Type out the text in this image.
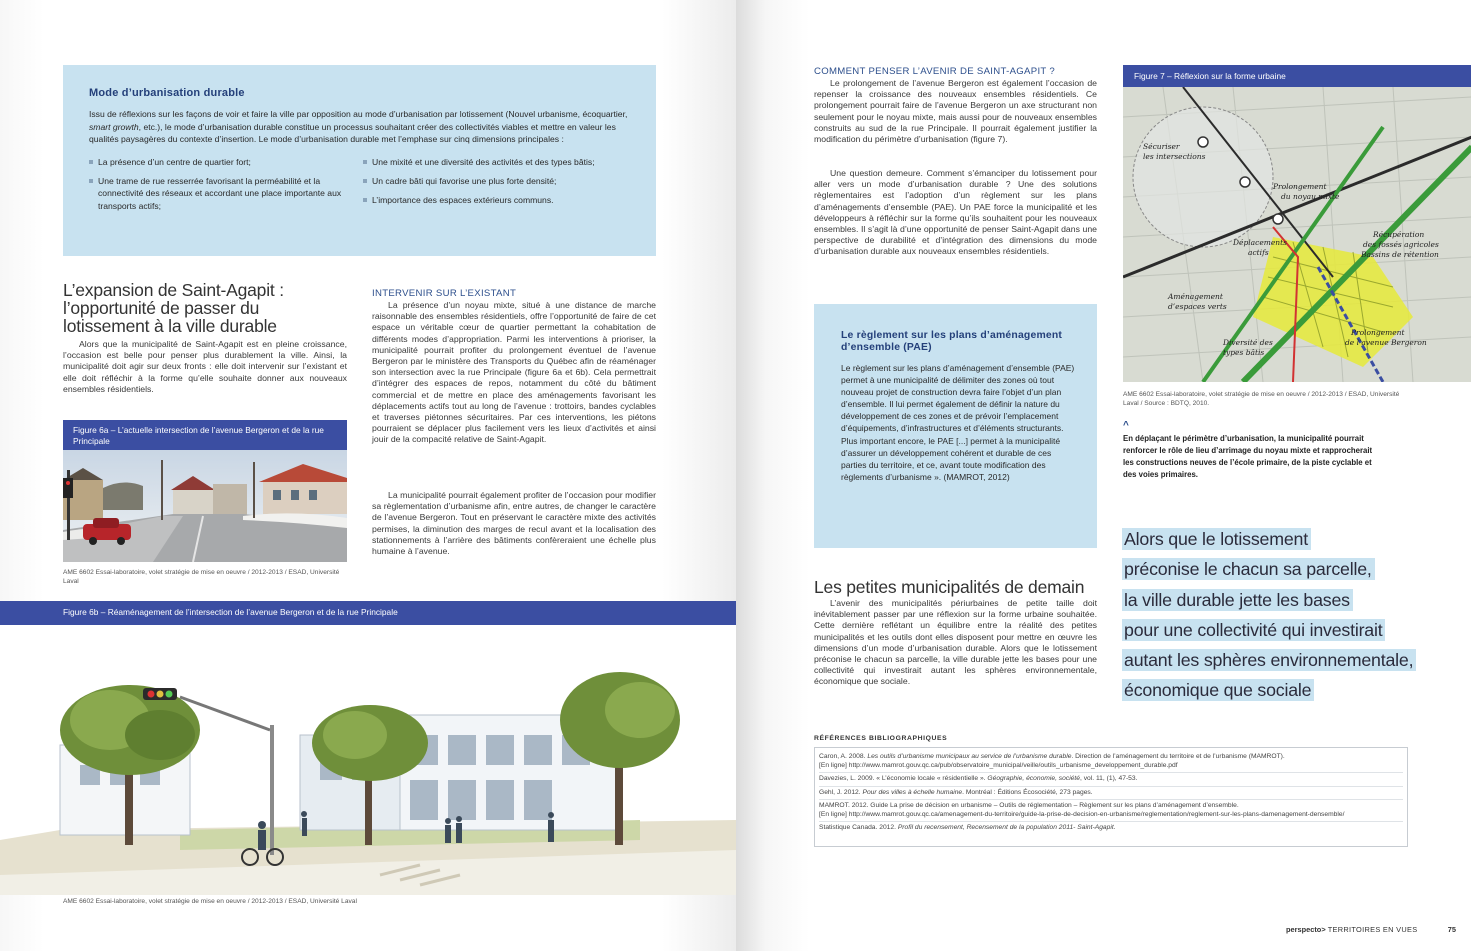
Mode d’urbanisation durable
Issu de réflexions sur les façons de voir et faire la ville par opposition au mode d’urbanisation par lotissement (Nouvel urbanisme, écoquartier, smart growth, etc.), le mode d’urbanisation durable constitue un processus souhaitant créer des collectivités viables et mettre en valeur les qualités paysagères du contexte d’insertion. Le mode d’urbanisation durable met l’emphase sur cinq dimensions principales :
La présence d’un centre de quartier fort;
Une trame de rue resserrée favorisant la perméabilité et la connectivité des réseaux et accordant une place importante aux transports actifs;
Une mixité et une diversité des activités et des types bâtis;
Un cadre bâti qui favorise une plus forte densité;
L’importance des espaces extérieurs communs.
L’expansion de Saint-Agapit : l’opportunité de passer du lotissement à la ville durable
Alors que la municipalité de Saint-Agapit est en pleine croissance, l’occasion est belle pour penser plus durablement la ville. Ainsi, la municipalité doit agir sur deux fronts : elle doit intervenir sur l’existant et elle doit réfléchir à la forme qu’elle souhaite donner aux nouveaux ensembles résidentiels.
Figure 6a – L’actuelle intersection de l’avenue Bergeron et de la rue Principale
AME 6602 Essai-laboratoire, volet stratégie de mise en oeuvre / 2012-2013 / ESAD, Université Laval
INTERVENIR SUR L’EXISTANT
La présence d’un noyau mixte, situé à une distance de marche raisonnable des ensembles résidentiels, offre l’opportunité de faire de cet espace un véritable cœur de quartier permettant la cohabitation de différents modes d’appropriation. Parmi les interventions à prioriser, la municipalité pourrait profiter du prolongement éventuel de l’avenue Bergeron par le ministère des Transports du Québec afin de réaménager son intersection avec la rue Principale (figure 6a et 6b). Cela permettrait d’intégrer des espaces de repos, notamment du côté du bâtiment commercial et de mettre en place des aménagements favorisant les déplacements actifs tout au long de l’avenue : trottoirs, bandes cyclables et traverses piétonnes sécuritaires. Par ces interventions, les piétons pourraient se déplacer plus facilement vers les lieux d’activités et ainsi jouir de la compacité relative de Saint-Agapit.
La municipalité pourrait également profiter de l’occasion pour modifier sa règlementation d’urbanisme afin, entre autres, de changer le caractère de l’avenue Bergeron. Tout en préservant le caractère mixte des activités permises, la diminution des marges de recul avant et la localisation des stationnements à l’arrière des bâtiments confèreraient une échelle plus humaine à l’avenue.
Figure 6b – Réaménagement de l’intersection de l’avenue Bergeron et de la rue Principale
AME 6602 Essai-laboratoire, volet stratégie de mise en oeuvre / 2012-2013 / ESAD, Université Laval
COMMENT PENSER L’AVENIR DE SAINT-AGAPIT ?
Le prolongement de l’avenue Bergeron est également l’occasion de repenser la croissance des nouveaux ensembles résidentiels. Ce prolongement pourrait faire de l’avenue Bergeron un axe structurant non seulement pour le noyau mixte, mais aussi pour de nouveaux ensembles construits au sud de la rue Principale. Il pourrait également justifier la modification du périmètre d’urbanisation (figure 7).
Une question demeure. Comment s’émanciper du lotissement pour aller vers un mode d’urbanisation durable ? Une des solutions règlementaires est l’adoption d’un règlement sur les plans d’aménagements d’ensemble (PAE). Un PAE force la municipalité et les développeurs à réfléchir sur la forme qu’ils souhaitent pour les nouveaux ensembles. Il s’agit là d’une opportunité de penser Saint-Agapit dans une perspective de durabilité et d’intégration des dimensions du mode d’urbanisation durable aux nouveaux ensembles résidentiels.
Figure 7 – Réflexion sur la forme urbaine
Sécuriser
les intersections
Prolongement
du noyau mixte
Déplacements
actifs
Récupération
des fossés agricoles
Bassins de rétention
Aménagement
d’espaces verts
Diversité des
types bâtis
Prolongement
de l’avenue Bergeron
AME 6602 Essai-laboratoire, volet stratégie de mise en oeuvre / 2012-2013 / ESAD, Université Laval / Source : BDTQ, 2010.
^
En déplaçant le périmètre d’urbanisation, la municipalité pourrait renforcer le rôle de lieu d’arrimage du noyau mixte et rapprocherait les constructions neuves de l’école primaire, de la piste cyclable et des voies primaires.
Le règlement sur les plans d’aménagement d’ensemble (PAE)
Le règlement sur les plans d’aménagement d’ensemble (PAE) permet à une municipalité de délimiter des zones où tout nouveau projet de construction devra faire l’objet d’un plan d’ensemble. Il lui permet également de définir la nature du développement de ces zones et de prévoir l’emplacement d’équipements, d’infrastructures et d’éléments structurants. Plus important encore, le PAE [...] permet à la municipalité d’assurer un développement cohérent et durable de ces parties du territoire, et ce, avant toute modification des règlements d’urbanisme ». (MAMROT, 2012)
Alors que le lotissement
préconise le chacun sa parcelle,
la ville durable jette les bases
pour une collectivité qui investirait
autant les sphères environnementale,
économique que sociale
Les petites municipalités de demain
L’avenir des municipalités périurbaines de petite taille doit inévitablement passer par une réflexion sur la forme urbaine souhaitée. Cette dernière reflétant un équilibre entre la réalité des petites municipalités et les outils dont elles disposent pour mettre en œuvre les dimensions d’un mode d’urbanisation durable. Alors que le lotissement préconise le chacun sa parcelle, la ville durable jette les bases pour une collectivité qui investirait autant les sphères environnementale, économique que sociale.
RÉFÉRENCES BIBLIOGRAPHIQUES
Caron, A. 2008. Les outils d’urbanisme municipaux au service de l’urbanisme durable. Direction de l’aménagement du territoire et de l’urbanisme (MAMROT).
[En ligne] http://www.mamrot.gouv.qc.ca/pub/observatoire_municipal/veille/outils_urbanisme_developpement_durable.pdf
Davezies, L. 2009. « L’économie locale « résidentielle ». Géographie, économie, société, vol. 11, (1), 47-53.
Gehl, J. 2012. Pour des villes à échelle humaine. Montréal : Éditions Écosociété, 273 pages.
MAMROT. 2012. Guide La prise de décision en urbanisme – Outils de réglementation – Règlement sur les plans d’aménagement d’ensemble.
[En ligne] http://www.mamrot.gouv.qc.ca/amenagement-du-territoire/guide-la-prise-de-decision-en-urbanisme/reglementation/reglement-sur-les-plans-damenagement-densemble/
Statistique Canada. 2012. Profil du recensement, Recensement de la population 2011- Saint-Agapit.
perspecto> TERRITOIRES EN VUES	75
